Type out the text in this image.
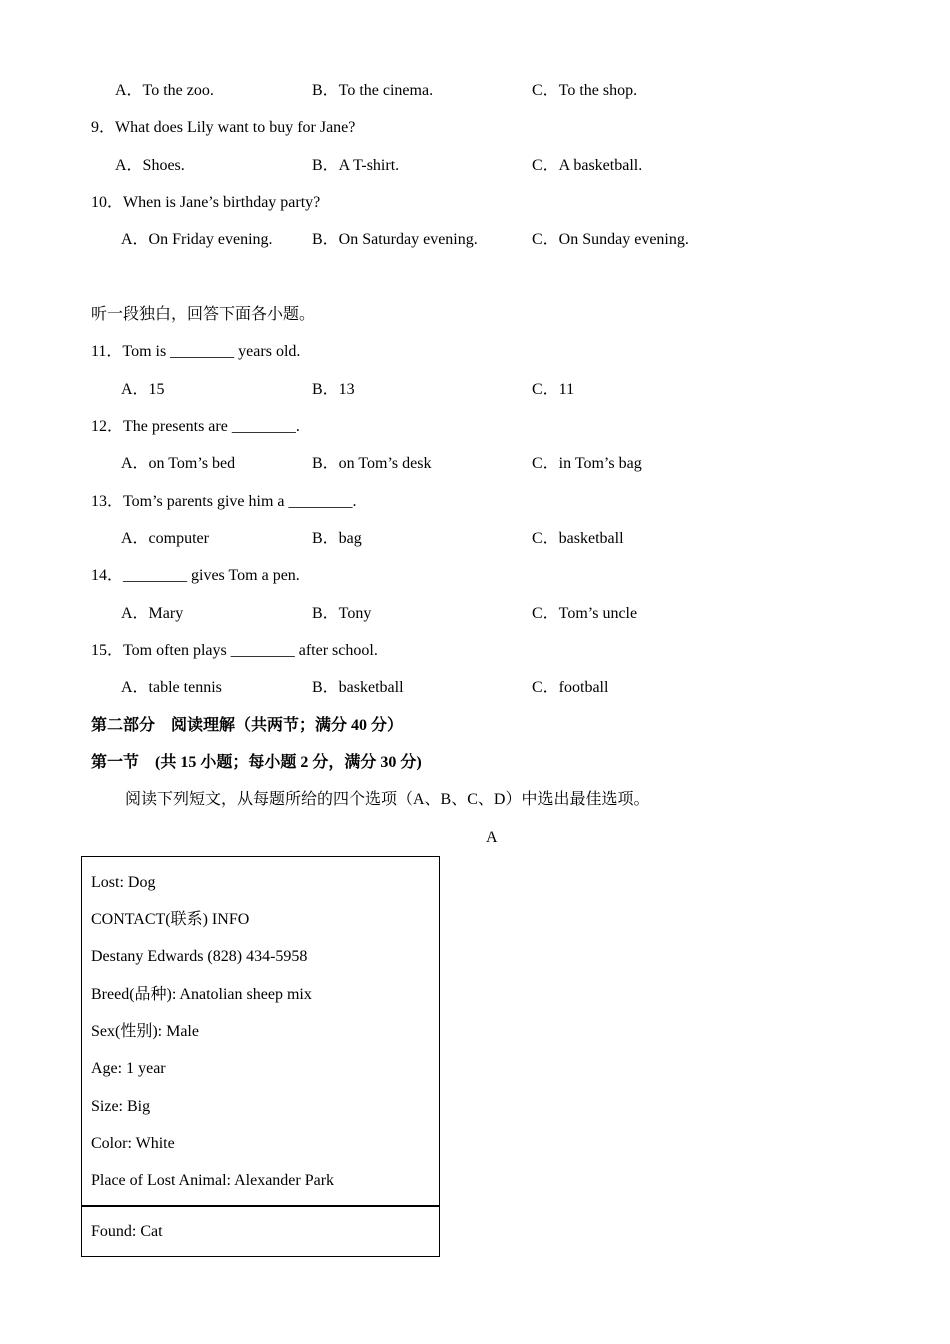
A．To the zoo.	B．To the cinema.	C．To the shop.
9．What does Lily want to buy for Jane?
A．Shoes.	B．A T-shirt.	C．A basketball.
10．When is Jane’s birthday party?
A．On Friday evening. B．On Saturday evening.	C．On Sunday evening.
听一段独白，回答下面各小题。
11．Tom is ________ years old.
A．15	B．13	C．11
12．The presents are ________.
A．on Tom’s bed	B．on Tom’s desk	C．in Tom’s bag
13．Tom’s parents give him a ________.
A．computer	B．bag	C．basketball
14．________ gives Tom a pen.
A．Mary	B．Tony	C．Tom’s uncle
15．Tom often plays ________ after school.
A．table tennis	B．basketball	C．football
第二部分　阅读理解（共两节；满分 40 分）
第一节　(共 15 小题；每小题 2 分，满分 30 分)
阅读下列短文，从每题所给的四个选项（A、B、C、D）中选出最佳选项。
A
Lost: Dog
CONTACT(联系) INFO
Destany Edwards (828) 434-5958
Breed(品种): Anatolian sheep mix
Sex(性别): Male
Age: 1 year
Size: Big
Color: White
Place of Lost Animal: Alexander Park
Found: Cat
